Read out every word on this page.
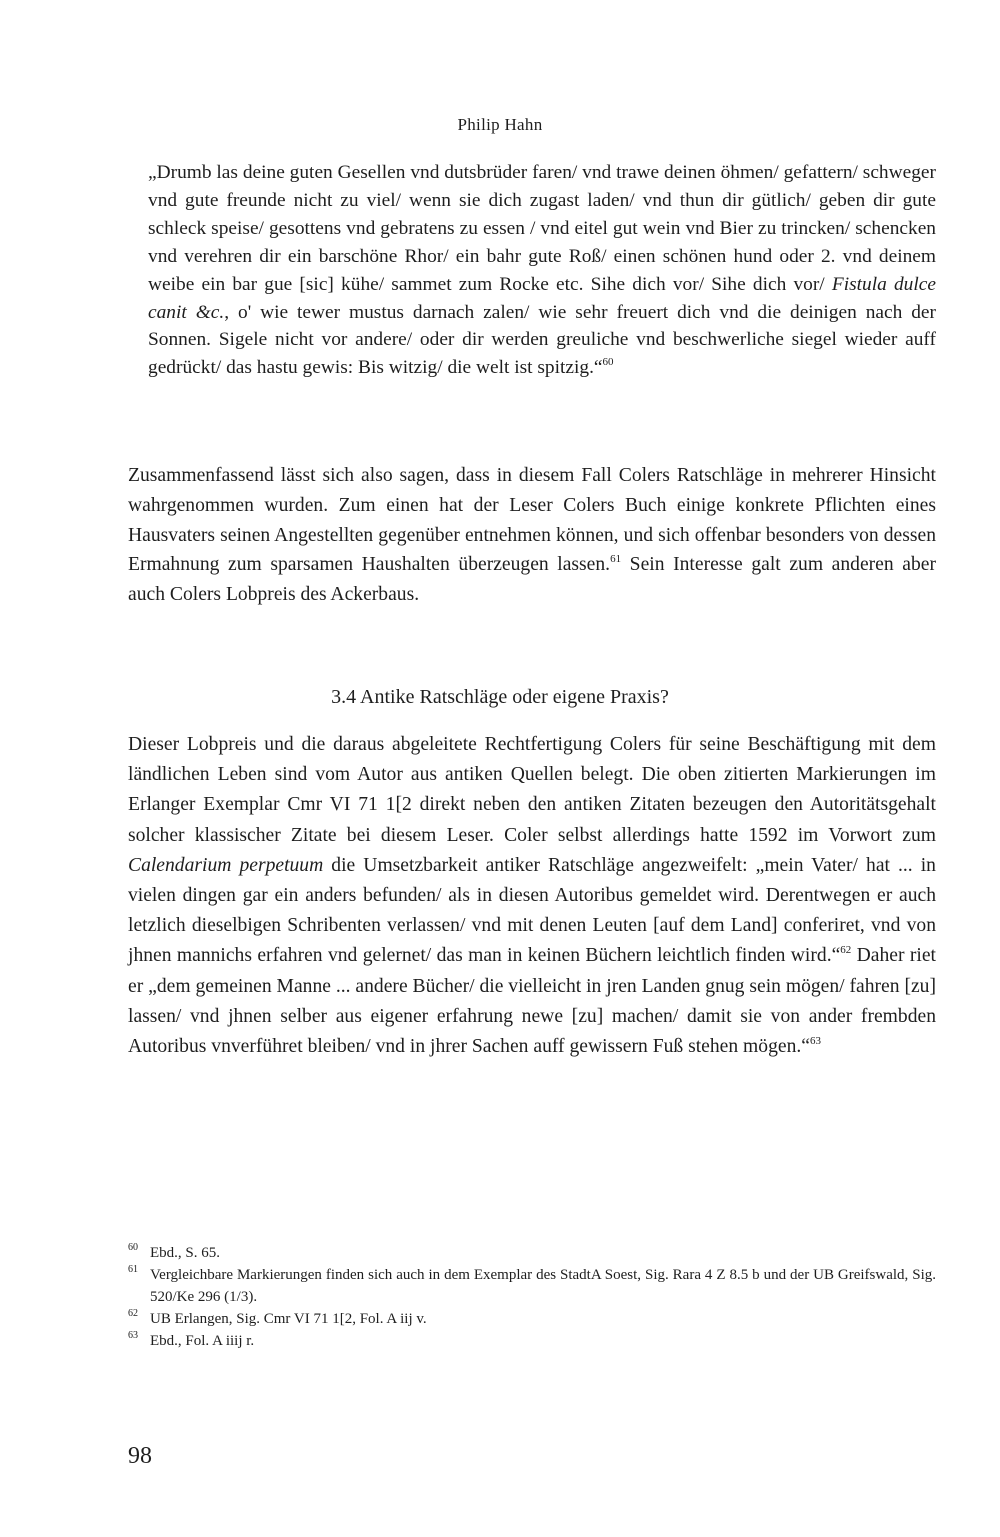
Philip Hahn

„Drumb las deine guten Gesellen vnd dutsbrüder faren/ vnd trawe deinen öhmen/ gefattern/ schweger vnd gute freunde nicht zu viel/ wenn sie dich zugast laden/ vnd thun dir gütlich/ geben dir gute schleck speise/ gesottens vnd gebratens zu essen / vnd eitel gut wein vnd Bier zu trincken/ schencken vnd verehren dir ein barschöne Rhor/ ein bahr gute Roß/ einen schönen hund oder 2. vnd deinem weibe ein bar gue [sic] kühe/ sammet zum Rocke etc. Sihe dich vor/ Sihe dich vor/ Fistula dulce canit &c., o' wie tewer mustus darnach zalen/ wie sehr freuert dich vnd die deinigen nach der Sonnen. Sigele nicht vor andere/ oder dir werden greuliche vnd beschwerliche siegel wieder auff gedrückt/ das hastu gewis: Bis witzig/ die welt ist spitzig.“$^{60}$

Zusammenfassend lässt sich also sagen, dass in diesem Fall Colers Ratschläge in mehrerer Hinsicht wahrgenommen wurden. Zum einen hat der Leser Colers Buch einige konkrete Pflichten eines Hausvaters seinen Angestellten gegenüber entnehmen können, und sich offenbar besonders von dessen Ermahnung zum sparsamen Haushalten überzeugen lassen.$^{61}$ Sein Interesse galt zum anderen aber auch Colers Lobpreis des Ackerbaus.

3.4 Antike Ratschläge oder eigene Praxis?

Dieser Lobpreis und die daraus abgeleitete Rechtfertigung Colers für seine Beschäftigung mit dem ländlichen Leben sind vom Autor aus antiken Quellen belegt. Die oben zitierten Markierungen im Erlanger Exemplar Cmr VI 71 1[2 direkt neben den antiken Zitaten bezeugen den Autoritätsgehalt solcher klassischer Zitate bei diesem Leser. Coler selbst allerdings hatte 1592 im Vorwort zum Calendarium perpetuum die Umsetzbarkeit antiker Ratschläge angezweifelt: „mein Vater/ hat ... in vielen dingen gar ein anders befunden/ als in diesen Autoribus gemeldet wird. Derentwegen er auch letzlich dieselbigen Schribenten verlassen/ vnd mit denen Leuten [auf dem Land] conferiret, vnd von jhnen mannichs erfahren vnd gelernet/ das man in keinen Büchern leichtlich finden wird.“$^{62}$ Daher riet er „dem gemeinen Manne ... andere Bücher/ die vielleicht in jren Landen gnug sein mögen/ fahren [zu] lassen/ vnd jhnen selber aus eigener erfahrung newe [zu] machen/ damit sie von ander frembden Autoribus vnverführet bleiben/ vnd in jhrer Sachen auff gewissern Fuß stehen mögen.“$^{63}$

60 Ebd., S. 65.

61 Vergleichbare Markierungen finden sich auch in dem Exemplar des StadtA Soest, Sig. Rara 4 Z 8.5 b und der UB Greifswald, Sig. 520/Ke 296 (1/3).

62 UB Erlangen, Sig. Cmr VI 71 1[2, Fol. A iij v.

63 Ebd., Fol. A iiij r.

98
